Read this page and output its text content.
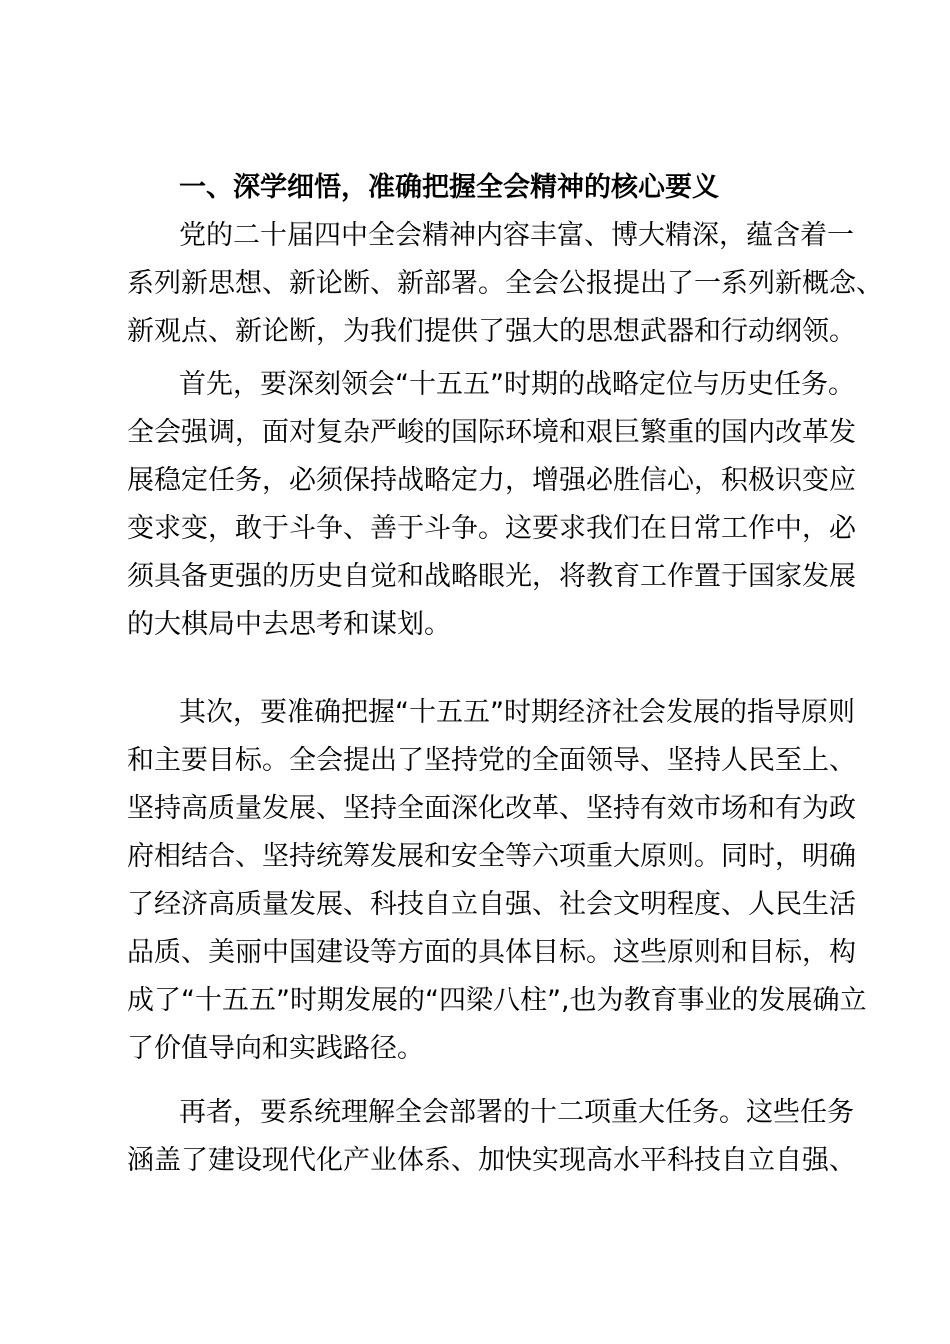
一、深学细悟，准确把握全会精神的核心要义
党的二十届四中全会精神内容丰富、博大精深，蕴含着一
系列新思想、新论断、新部署。全会公报提出了一系列新概念、
新观点、新论断，为我们提供了强大的思想武器和行动纲领。
首先，要深刻领会“十五五”时期的战略定位与历史任务。
全会强调，面对复杂严峻的国际环境和艰巨繁重的国内改革发
展稳定任务，必须保持战略定力，增强必胜信心，积极识变应
变求变，敢于斗争、善于斗争。这要求我们在日常工作中，必
须具备更强的历史自觉和战略眼光，将教育工作置于国家发展
的大棋局中去思考和谋划。
其次，要准确把握“十五五”时期经济社会发展的指导原则
和主要目标。全会提出了坚持党的全面领导、坚持人民至上、
坚持高质量发展、坚持全面深化改革、坚持有效市场和有为政
府相结合、坚持统筹发展和安全等六项重大原则。同时，明确
了经济高质量发展、科技自立自强、社会文明程度、人民生活
品质、美丽中国建设等方面的具体目标。这些原则和目标，构
成了“十五五”时期发展的“四梁八柱”,也为教育事业的发展确立
了价值导向和实践路径。
再者，要系统理解全会部署的十二项重大任务。这些任务
涵盖了建设现代化产业体系、加快实现高水平科技自立自强、
